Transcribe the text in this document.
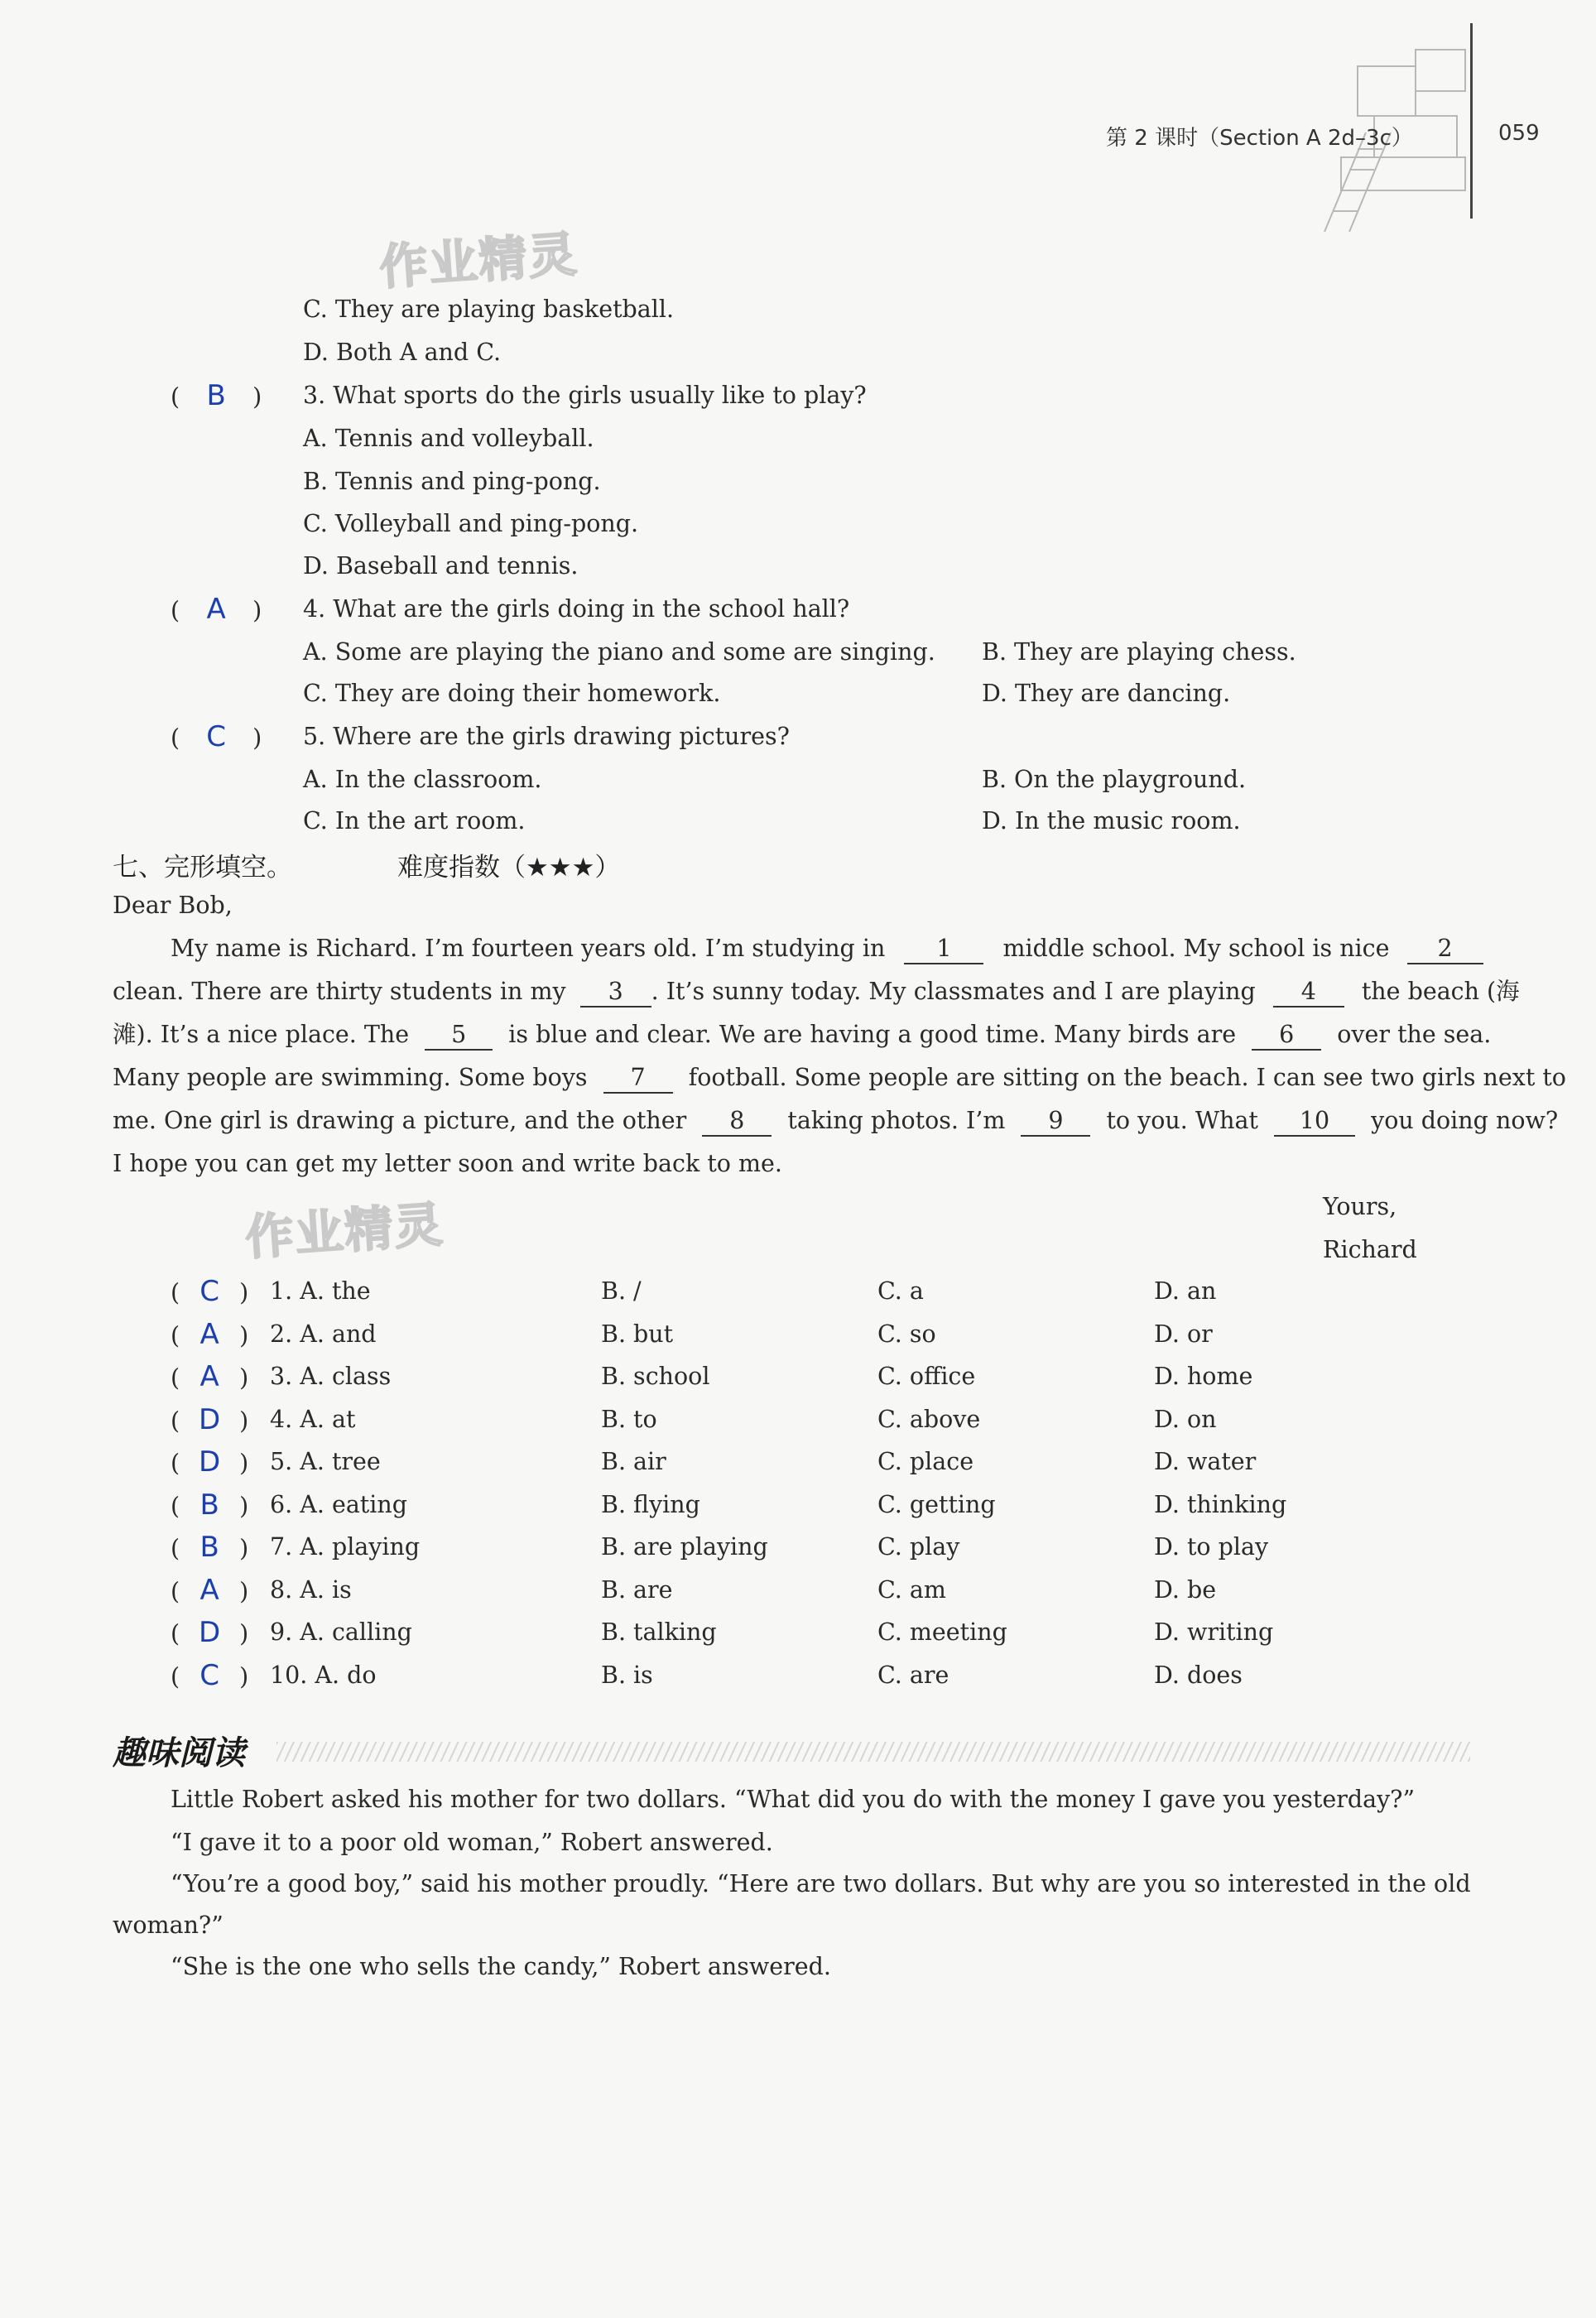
第 2 课时（Section A 2d–3c）	059
作业精灵
C. They are playing basketball.
D. Both A and C.
( B ) 3. What sports do the girls usually like to play?
A. Tennis and volleyball.
B. Tennis and ping-pong.
C. Volleyball and ping-pong.
D. Baseball and tennis.
( A ) 4. What are the girls doing in the school hall?
A. Some are playing the piano and some are singing. B. They are playing chess.
C. They are doing their homework.	D. They are dancing.
( C ) 5. Where are the girls drawing pictures?
A. In the classroom.	B. On the playground.
C. In the art room.	D. In the music room.
七、完形填空。	难度指数（★★★）
Dear Bob,
My name is Richard. I’m fourteen years old. I’m studying in 1 middle school. My school is nice 2
clean. There are thirty students in my 3 . It’s sunny today. My classmates and I are playing 4 the beach (海
滩). It’s a nice place. The 5 is blue and clear. We are having a good time. Many birds are 6 over the sea.
Many people are swimming. Some boys 7 football. Some people are sitting on the beach. I can see two girls next to
me. One girl is drawing a picture, and the other 8 taking photos. I’m 9 to you. What 10 you doing now?
I hope you can get my letter soon and write back to me.
作业精灵	Yours,
Richard
( C ) 1. A. the	B. /	C. a	D. an
( A ) 2. A. and	B. but	C. so	D. or
( A ) 3. A. class	B. school	C. office	D. home
( D ) 4. A. at	B. to	C. above	D. on
( D ) 5. A. tree	B. air	C. place	D. water
( B ) 6. A. eating	B. flying	C. getting	D. thinking
( B ) 7. A. playing	B. are playing	C. play	D. to play
( A ) 8. A. is	B. are	C. am	D. be
( D ) 9. A. calling	B. talking	C. meeting	D. writing
( C ) 10. A. do	B. is	C. are	D. does
趣味阅读
Little Robert asked his mother for two dollars. “What did you do with the money I gave you yesterday?”
“I gave it to a poor old woman,” Robert answered.
“You’re a good boy,” said his mother proudly. “Here are two dollars. But why are you so interested in the old
woman?”
“She is the one who sells the candy,” Robert answered.
